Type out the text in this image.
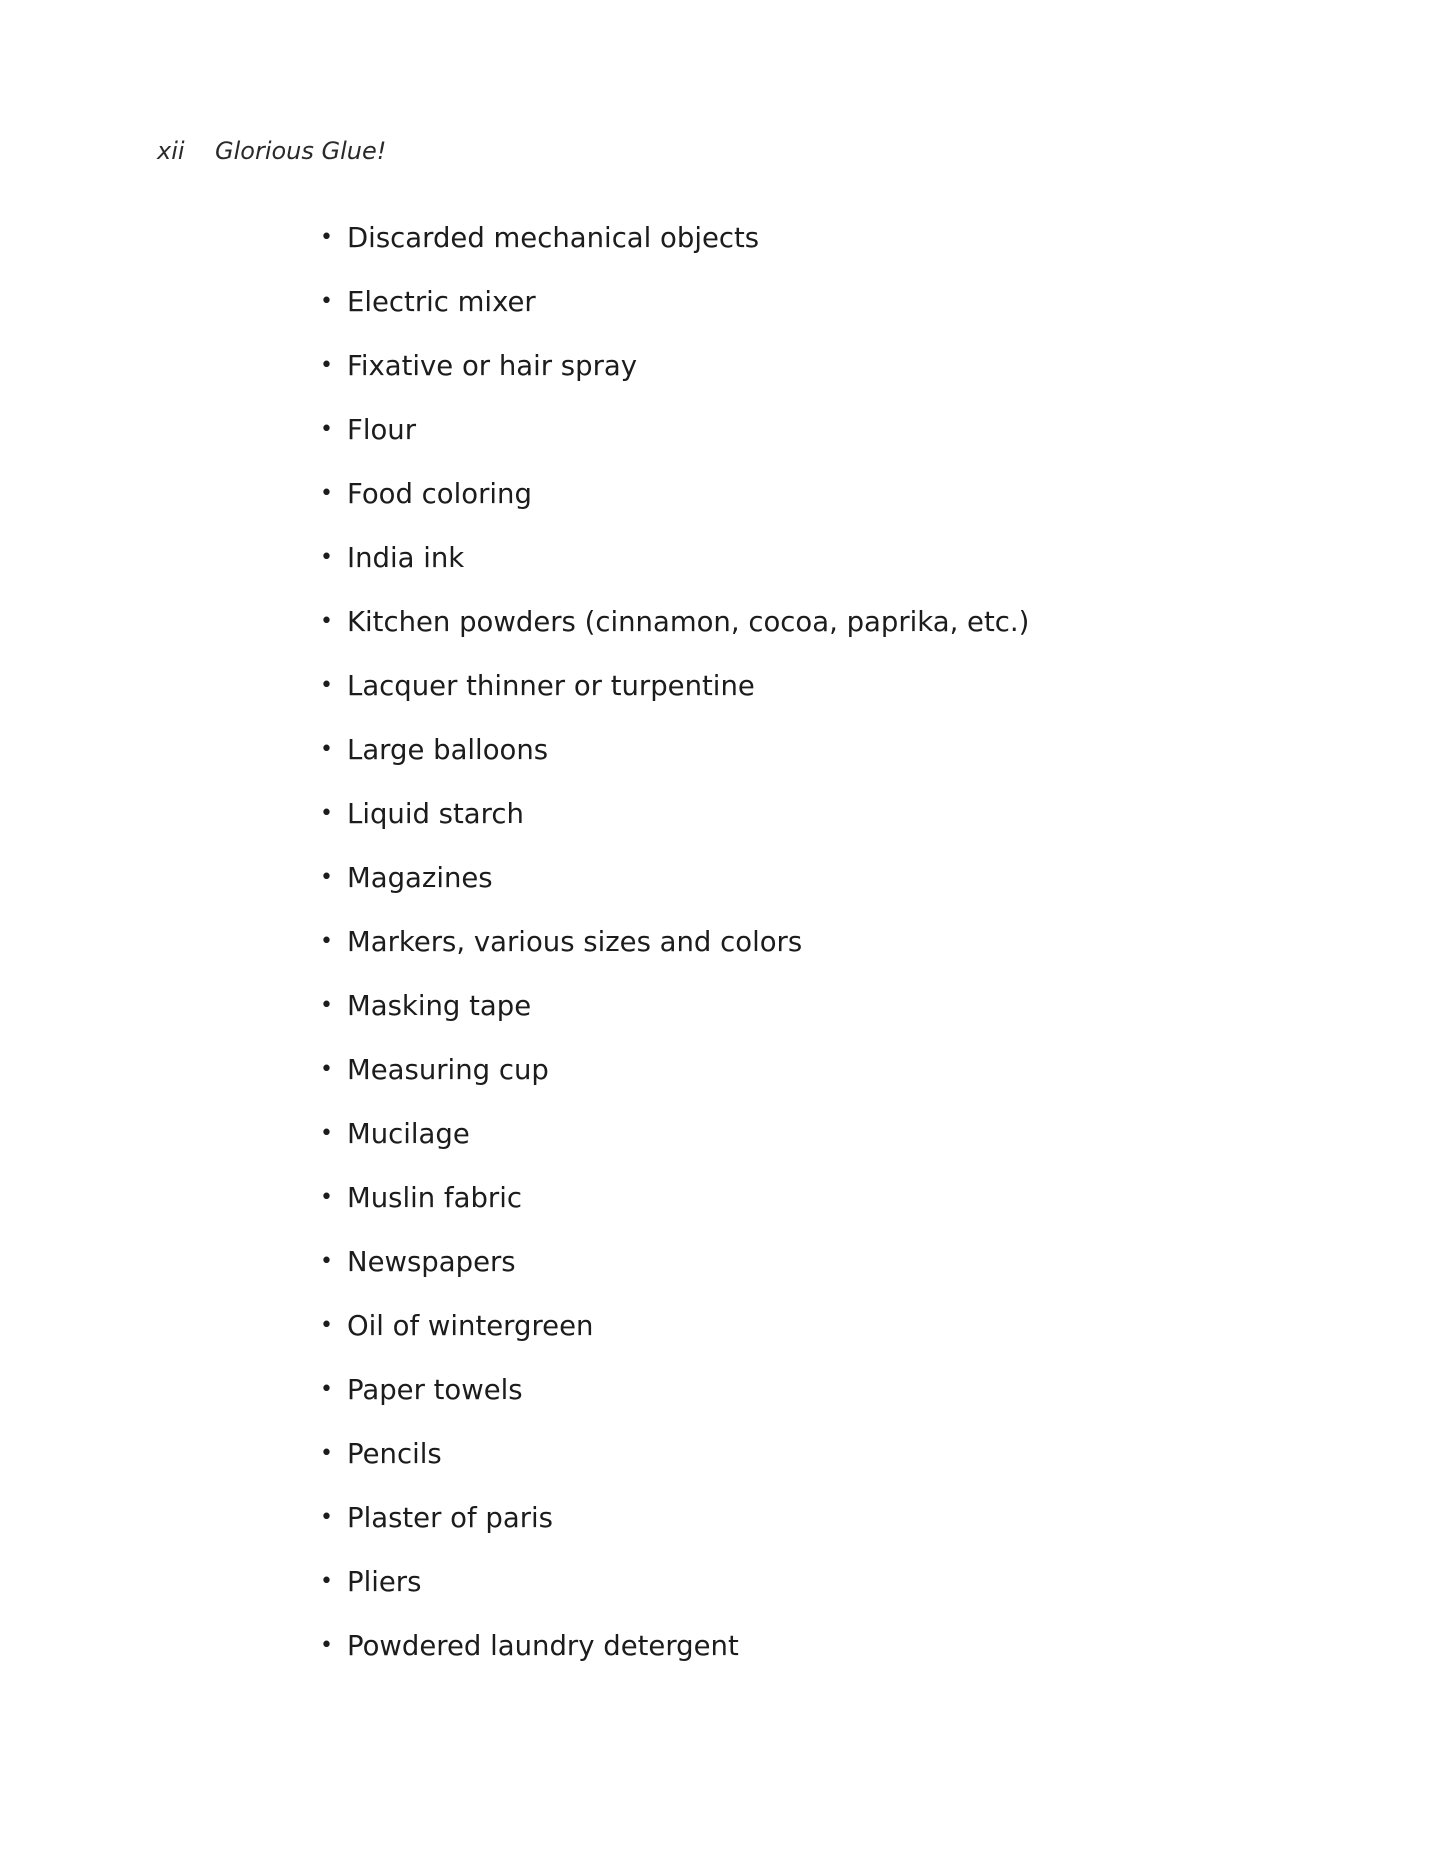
xii Glorious Glue!
• Discarded mechanical objects
• Electric mixer
• Fixative or hair spray
• Flour
• Food coloring
• India ink
• Kitchen powders (cinnamon, cocoa, paprika, etc.)
• Lacquer thinner or turpentine
• Large balloons
• Liquid starch
• Magazines
• Markers, various sizes and colors
• Masking tape
• Measuring cup
• Mucilage
• Muslin fabric
• Newspapers
• Oil of wintergreen
• Paper towels
• Pencils
• Plaster of paris
• Pliers
• Powdered laundry detergent
